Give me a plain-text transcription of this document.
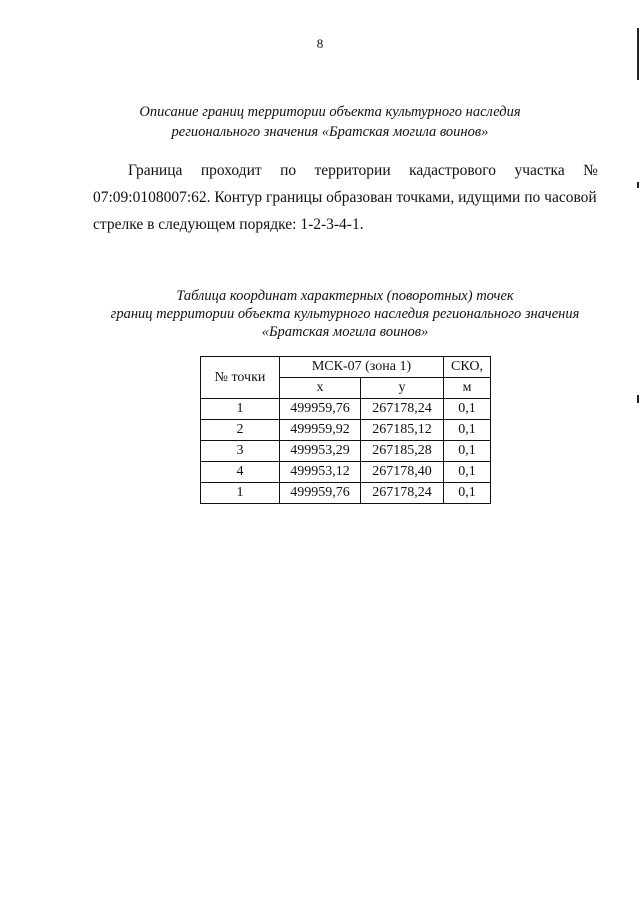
8
Описание границ территории объекта культурного наследия
регионального значения «Братская могила воинов»
Граница проходит по территории кадастрового участка №
07:09:0108007:62. Контур границы образован точками, идущими по часовой
стрелке в следующем порядке: 1-2-3-4-1.
Таблица координат характерных (поворотных) точек
границ территории объекта культурного наследия регионального значения
«Братская могила воинов»
№ точки	МСК-07 (зона 1)		СКО,
	x	y	м
1	499959,76	267178,24	0,1
2	499959,92	267185,12	0,1
3	499953,29	267185,28	0,1
4	499953,12	267178,40	0,1
1	499959,76	267178,24	0,1
